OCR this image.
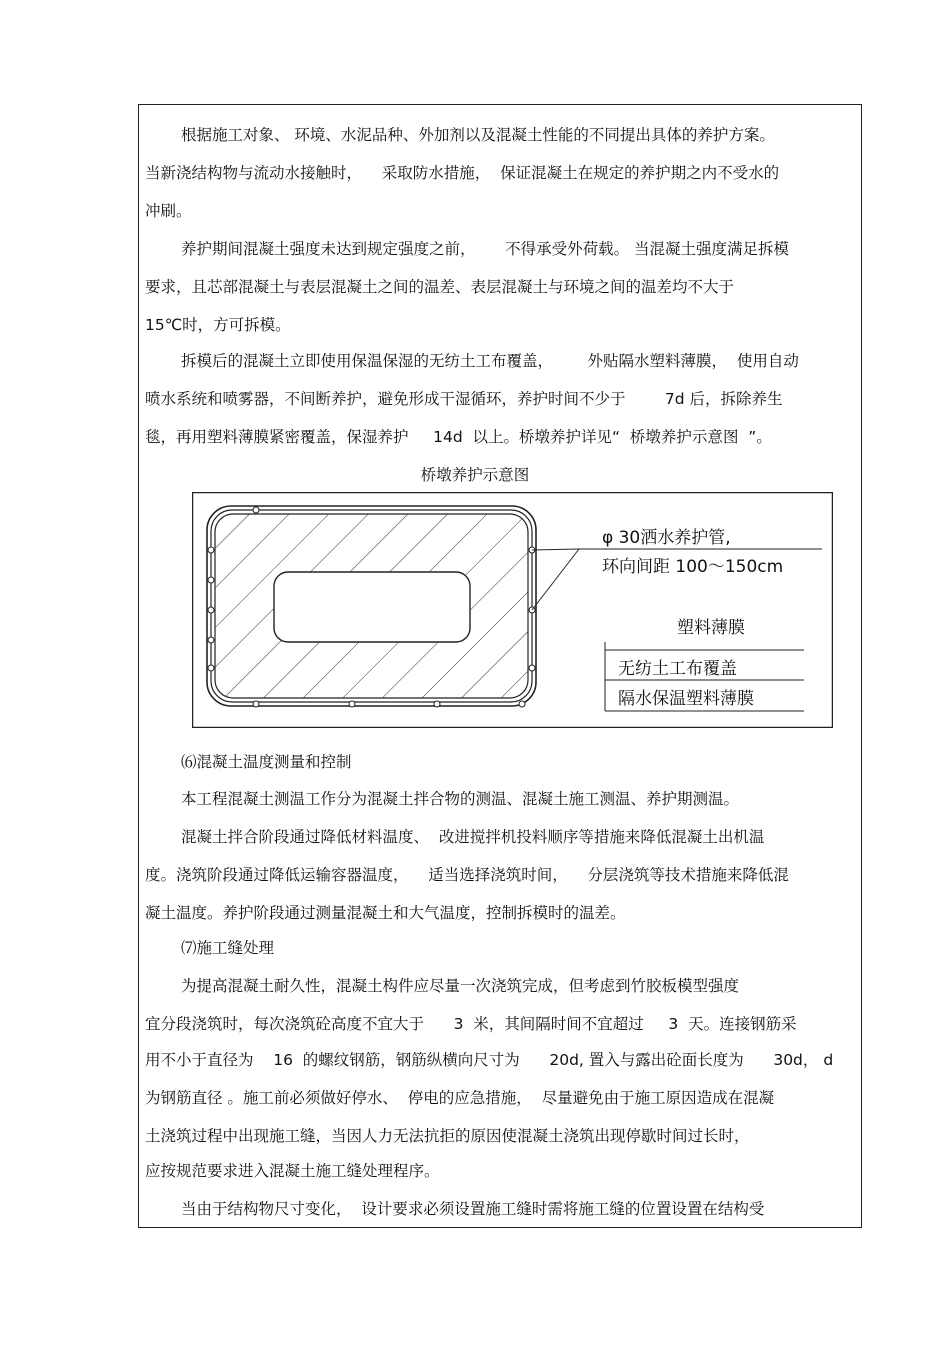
根据施工对象、 环境、水泥品种、外加剂以及混凝土性能的不同提出具体的养护方案。

当新浇结构物与流动水接触时，    采取防水措施，  保证混凝土在规定的养护期之内不受水的

冲刷。

养护期间混凝土强度未达到规定强度之前，      不得承受外荷载。 当混凝土强度满足拆模

要求，且芯部混凝土与表层混凝土之间的温差、表层混凝土与环境之间的温差均不大于

15℃时，方可拆模。

拆模后的混凝土立即使用保温保湿的无纺土工布覆盖，       外贴隔水塑料薄膜，  使用自动

喷水系统和喷雾器，不间断养护，避免形成干湿循环，养护时间不少于        7d 后，拆除养生

毯，再用塑料薄膜紧密覆盖，保湿养护     14d  以上。桥墩养护详见“  桥墩养护示意图  ”。

桥墩养护示意图
φ 30洒水养护管,
环向间距 100～150cm
塑料薄膜
无纺土工布覆盖
隔水保温塑料薄膜

⑹混凝土温度测量和控制

本工程混凝土测温工作分为混凝土拌合物的测温、混凝土施工测温、养护期测温。

混凝土拌合阶段通过降低材料温度、  改进搅拌机投料顺序等措施来降低混凝土出机温

度。浇筑阶段通过降低运输容器温度，    适当选择浇筑时间，    分层浇筑等技术措施来降低混

凝土温度。养护阶段通过测量混凝土和大气温度，控制拆模时的温差。

⑺施工缝处理

为提高混凝土耐久性，混凝土构件应尽量一次浇筑完成，但考虑到竹胶板模型强度

宜分段浇筑时，每次浇筑砼高度不宜大于      3  米，其间隔时间不宜超过     3  天。连接钢筋采

用不小于直径为    16  的螺纹钢筋，钢筋纵横向尺寸为      20d, 置入与露出砼面长度为      30d， d

为钢筋直径 。施工前必须做好停水、  停电的应急措施，  尽量避免由于施工原因造成在混凝

土浇筑过程中出现施工缝，当因人力无法抗拒的原因使混凝土浇筑出现停歇时间过长时，

应按规范要求进入混凝土施工缝处理程序。

当由于结构物尺寸变化，  设计要求必须设置施工缝时需将施工缝的位置设置在结构受
